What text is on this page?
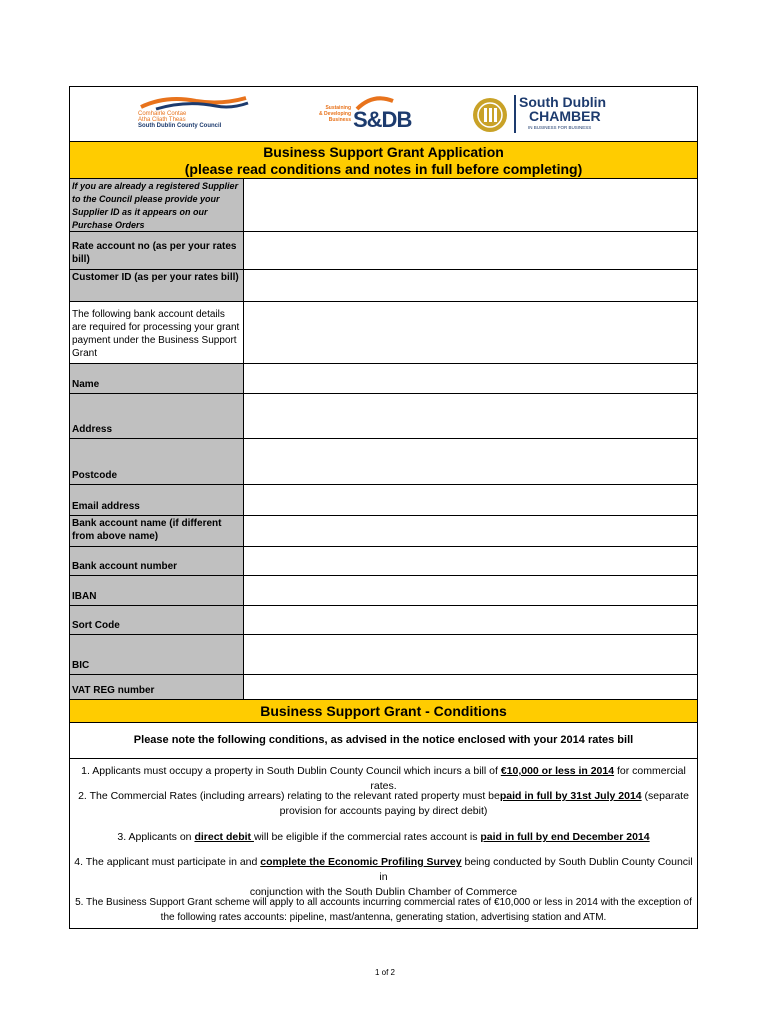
Comhairle Contae
Atha Cliath Theas
South Dublin County Council
Sustaining
& Developing
Business S&DB
South Dublin
CHAMBER
IN BUSINESS FOR BUSINESS
Business Support Grant Application
(please read conditions and notes in full before completing)
If you are already a registered Supplier to the Council please provide your Supplier ID as it appears on our Purchase Orders
Rate account no (as per your rates bill)
Customer ID (as per your rates bill)
The following bank account details are required for processing your grant payment under the Business Support Grant
Name
Address
Postcode
Email address
Bank account name (if different from above name)
Bank account number
IBAN
Sort Code
BIC
VAT REG number
Business Support Grant - Conditions
Please note the following conditions, as advised in the notice enclosed with your 2014 rates bill
1. Applicants must occupy a property in South Dublin County Council which incurs a bill of €10,000 or less in 2014 for commercial rates.
2. The Commercial Rates (including arrears) relating to the relevant rated property must bepaid in full by 31st July 2014 (separate
provision for accounts paying by direct debit)
3. Applicants on direct debit will be eligible if the commercial rates account is paid in full by end December 2014
4. The applicant must participate in and complete the Economic Profiling Survey being conducted by South Dublin County Council in
conjunction with the South Dublin Chamber of Commerce
5. The Business Support Grant scheme will apply to all accounts incurring commercial rates of €10,000 or less in 2014 with the exception of
the following rates accounts: pipeline, mast/antenna, generating station, advertising station and ATM.
1 of 2
